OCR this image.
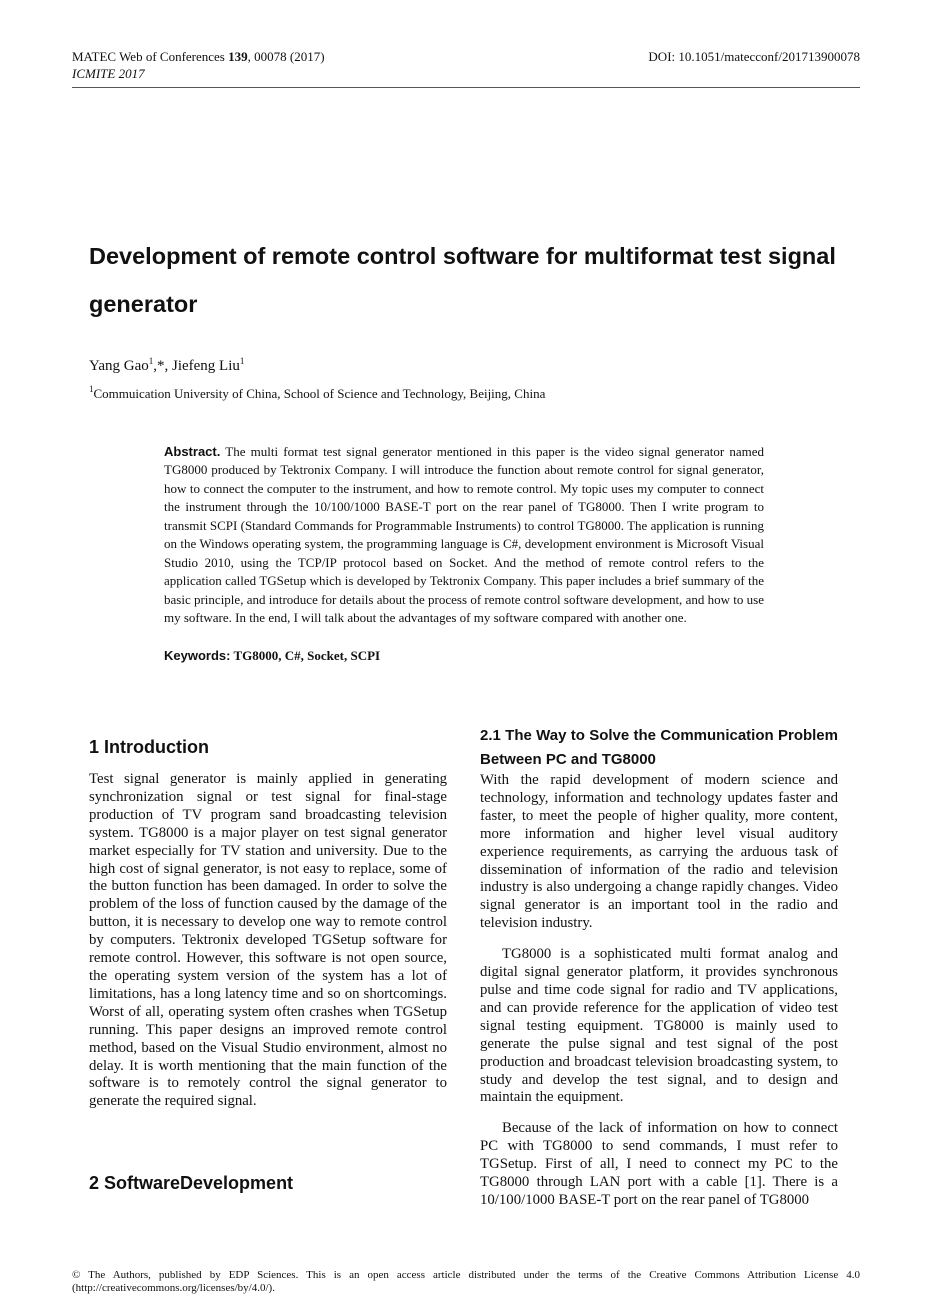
MATEC Web of Conferences 139, 00078 (2017)	DOI: 10.1051/matecconf/201713900078
ICMITE 2017
Development of remote control software for multiformat test signal generator
Yang Gao$^1$,*, Jiefeng Liu$^1$
$^1$Commuication University of China, School of Science and Technology, Beijing, China

Abstract. The multi format test signal generator mentioned in this paper is the video signal generator named TG8000 produced by Tektronix Company. I will introduce the function about remote control for signal generator, how to connect the computer to the instrument, and how to remote control. My topic uses my computer to connect the instrument through the 10/100/1000 BASE-T port on the rear panel of TG8000. Then I write program to transmit SCPI (Standard Commands for Programmable Instruments) to control TG8000. The application is running on the Windows operating system, the programming language is C#, development environment is Microsoft Visual Studio 2010, using the TCP/IP protocol based on Socket. And the method of remote control refers to the application called TGSetup which is developed by Tektronix Company. This paper includes a brief summary of the basic principle, and introduce for details about the process of remote control software development, and how to use my software. In the end, I will talk about the advantages of my software compared with another one.

Keywords: TG8000, C#, Socket, SCPI
1 Introduction

Test signal generator is mainly applied in generating synchronization signal or test signal for final-stage production of TV program sand broadcasting television system. TG8000 is a major player on test signal generator market especially for TV station and university. Due to the high cost of signal generator, is not easy to replace, some of the button function has been damaged. In order to solve the problem of the loss of function caused by the damage of the button, it is necessary to develop one way to remote control by computers. Tektronix developed TGSetup software for remote control. However, this software is not open source, the operating system version of the system has a lot of limitations, has a long latency time and so on shortcomings. Worst of all, operating system often crashes when TGSetup running. This paper designs an improved remote control method, based on the Visual Studio environment, almost no delay. It is worth mentioning that the main function of the software is to remotely control the signal generator to generate the required signal.

2 SoftwareDevelopment
2.1 The Way to Solve the Communication Problem Between PC and TG8000

With the rapid development of modern science and technology, information and technology updates faster and faster, to meet the people of higher quality, more content, more information and higher level visual auditory experience requirements, as carrying the arduous task of dissemination of information of the radio and television industry is also undergoing a change rapidly changes. Video signal generator is an important tool in the radio and television industry.

TG8000 is a sophisticated multi format analog and digital signal generator platform, it provides synchronous pulse and time code signal for radio and TV applications, and can provide reference for the application of video test signal testing equipment. TG8000 is mainly used to generate the pulse signal and test signal of the post production and broadcast television broadcasting system, to study and develop the test signal, and to design and maintain the equipment.

Because of the lack of information on how to connect PC with TG8000 to send commands, I must refer to TGSetup. First of all, I need to connect my PC to the TG8000 through LAN port with a cable [1]. There is a 10/100/1000 BASE-T port on the rear panel of TG8000

© The Authors, published by EDP Sciences. This is an open access article distributed under the terms of the Creative Commons Attribution License 4.0 (http://creativecommons.org/licenses/by/4.0/).
